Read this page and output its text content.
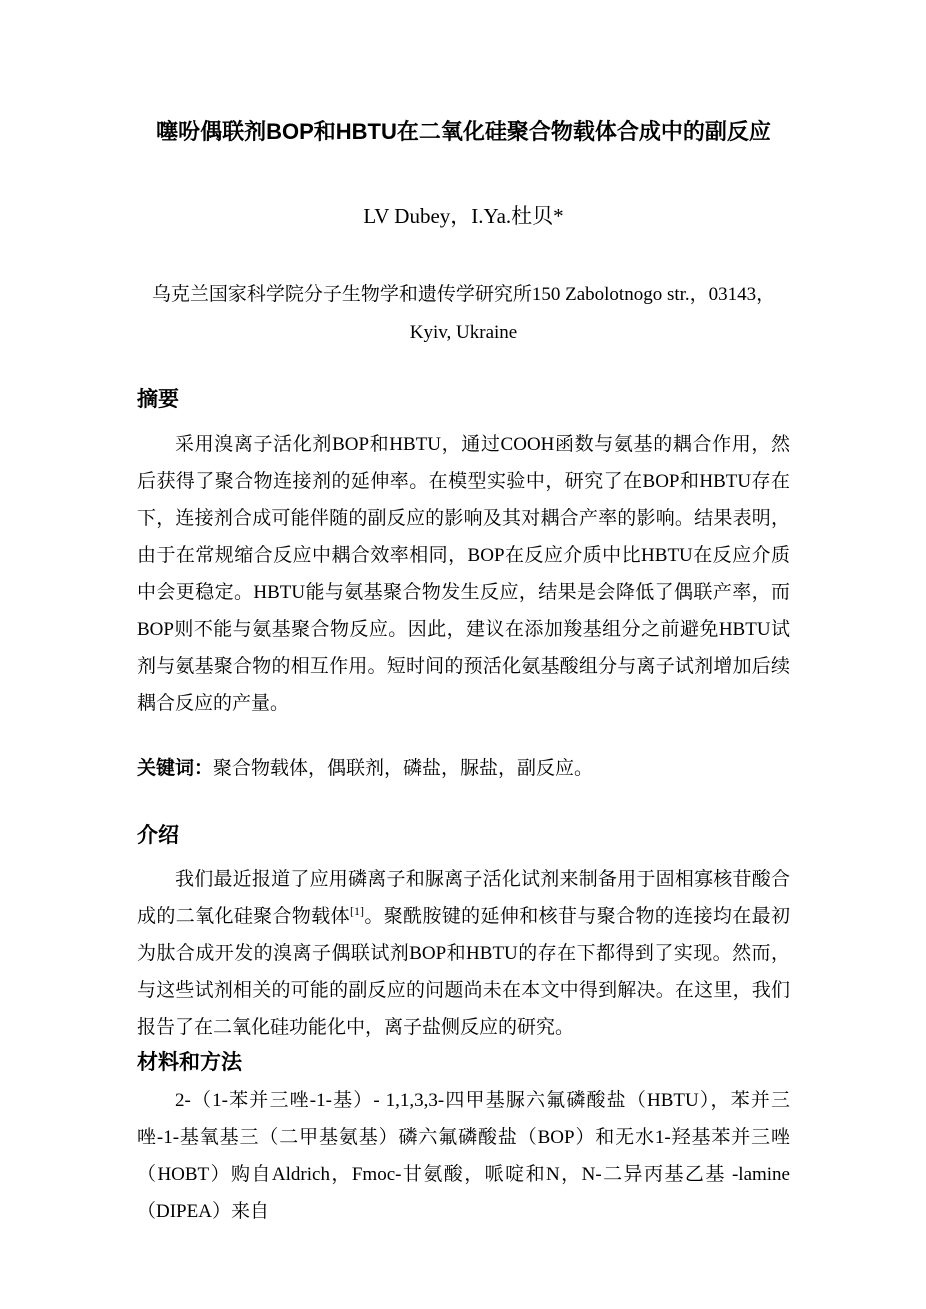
噻吩偶联剂BOP和HBTU在二氧化硅聚合物载体合成中的副反应

LV Dubey，I.Ya.杜贝*

乌克兰国家科学院分子生物学和遗传学研究所150 Zabolotnogo str.，03143，Kyiv, Ukraine

摘要

采用溴离子活化剂BOP和HBTU，通过COOH函数与氨基的耦合作用，然后获得了聚合物连接剂的延伸率。在模型实验中，研究了在BOP和HBTU存在下，连接剂合成可能伴随的副反应的影响及其对耦合产率的影响。结果表明，由于在常规缩合反应中耦合效率相同，BOP在反应介质中比HBTU在反应介质中会更稳定。HBTU能与氨基聚合物发生反应，结果是会降低了偶联产率，而BOP则不能与氨基聚合物反应。因此，建议在添加羧基组分之前避免HBTU试剂与氨基聚合物的相互作用。短时间的预活化氨基酸组分与离子试剂增加后续耦合反应的产量。

关键词：聚合物载体，偶联剂，磷盐，脲盐，副反应。

介绍

我们最近报道了应用磷离子和脲离子活化试剂来制备用于固相寡核苷酸合成的二氧化硅聚合物载体[1]。聚酰胺键的延伸和核苷与聚合物的连接均在最初为肽合成开发的溴离子偶联试剂BOP和HBTU的存在下都得到了实现。然而，与这些试剂相关的可能的副反应的问题尚未在本文中得到解决。在这里，我们报告了在二氧化硅功能化中，离子盐侧反应的研究。

材料和方法

2-（1-苯并三唑-1-基）- 1,1,3,3-四甲基脲六氟磷酸盐（HBTU），苯并三唑-1-基氧基三（二甲基氨基）磷六氟磷酸盐（BOP）和无水1-羟基苯并三唑（HOBT）购自Aldrich，Fmoc-甘氨酸，哌啶和N，N-二异丙基乙基 -lamine（DIPEA）来自
